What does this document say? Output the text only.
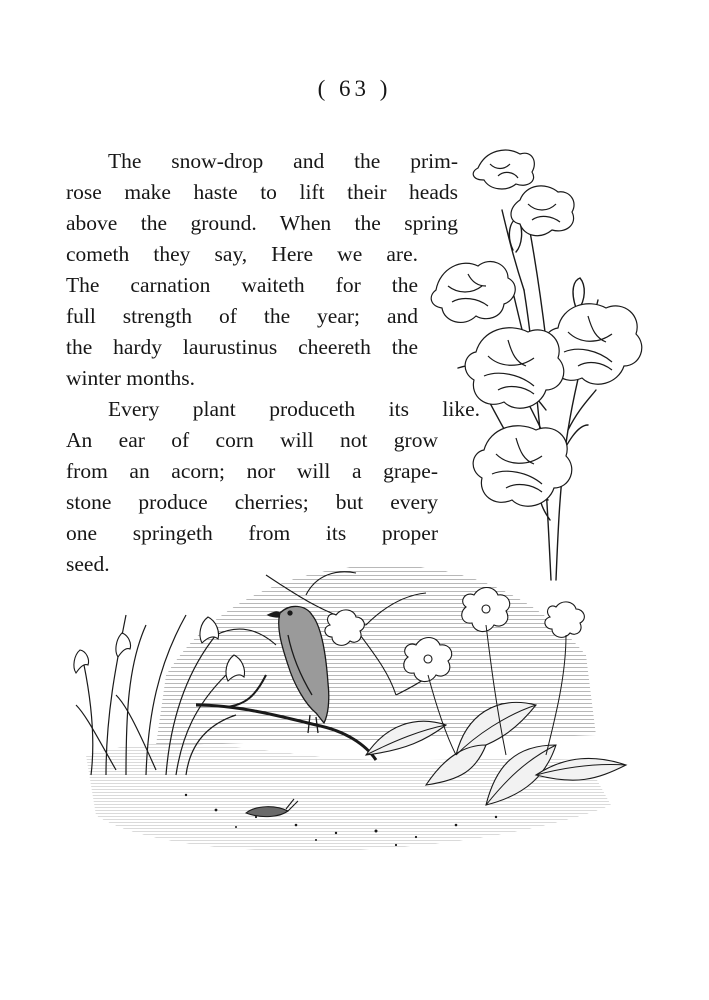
( 63 )

The snow-drop and the prim-
rose make haste to lift their heads
above the ground. When the spring
cometh they say, Here we are.
The carnation waiteth for the
full strength of the year; and
the hardy laurustinus cheereth the
winter months.

Every plant produceth its like.
An ear of corn will not grow
from an acorn; nor will a grape-
stone produce cherries; but every
one springeth from its proper
seed.
